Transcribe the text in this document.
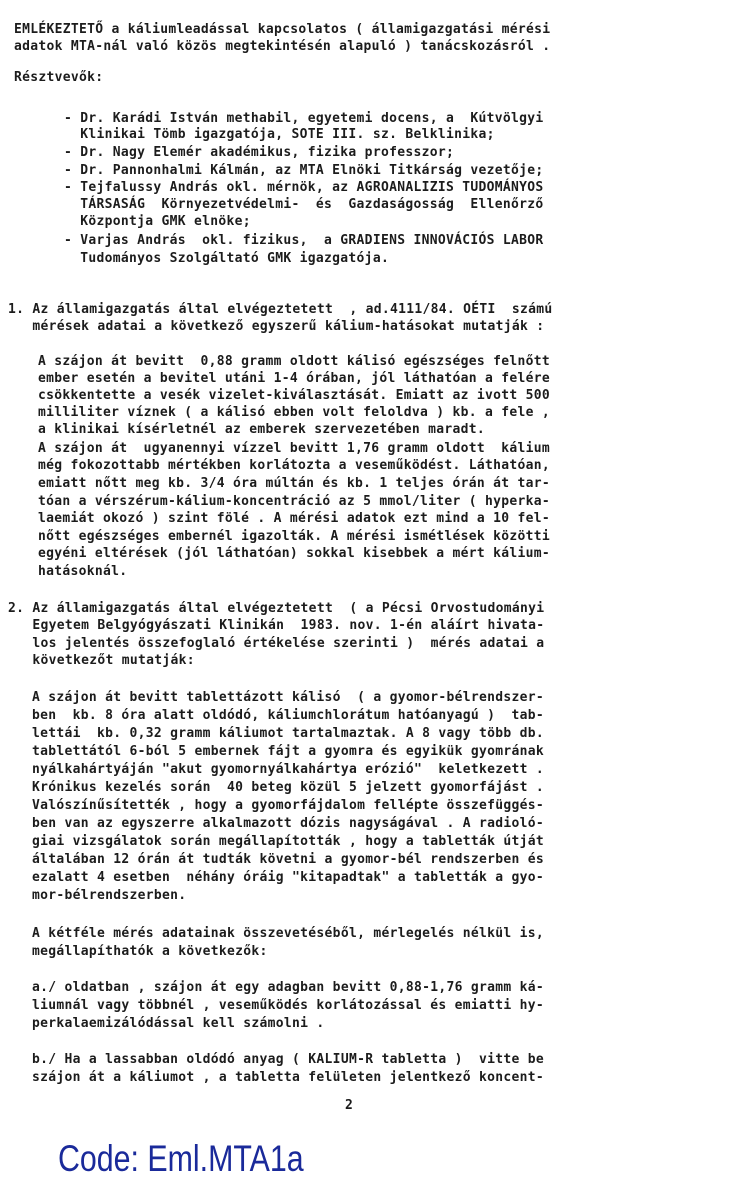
EMLÉKEZTETŐ a káliumleadással kapcsolatos ( államigazgatási mérési
adatok MTA-nál való közös megtekintésén alapuló ) tanácskozásról .
Résztvevők:
- Dr. Karádi István methabil, egyetemi docens, a  Kútvölgyi
Klinikai Tömb igazgatója, SOTE III. sz. Belklinika;
- Dr. Nagy Elemér akadémikus, fizika professzor;
- Dr. Pannonhalmi Kálmán, az MTA Elnöki Titkárság vezetője;
- Tejfalussy András okl. mérnök, az AGROANALIZIS TUDOMÁNYOS
TÁRSASÁG  Környezetvédelmi-  és  Gazdaságosság  Ellenőrző
Központja GMK elnöke;
- Varjas András  okl. fizikus,  a GRADIENS INNOVÁCIÓS LABOR
Tudományos Szolgáltató GMK igazgatója.
1. Az államigazgatás által elvégeztetett  , ad.4111/84. OÉTI  számú
mérések adatai a következő egyszerű kálium-hatásokat mutatják :
A szájon át bevitt  0,88 gramm oldott kálisó egészséges felnőtt
ember esetén a bevitel utáni 1-4 órában, jól láthatóan a felére
csökkentette a vesék vizelet-kiválasztását. Emiatt az ivott 500
milliliter víznek ( a kálisó ebben volt feloldva ) kb. a fele ,
a klinikai kísérletnél az emberek szervezetében maradt.
A szájon át  ugyanennyi vízzel bevitt 1,76 gramm oldott  kálium
még fokozottabb mértékben korlátozta a veseműködést. Láthatóan,
emiatt nőtt meg kb. 3/4 óra múltán és kb. 1 teljes órán át tar-
tóan a vérszérum-kálium-koncentráció az 5 mmol/liter ( hyperka-
laemiát okozó ) szint fölé . A mérési adatok ezt mind a 10 fel-
nőtt egészséges embernél igazolták. A mérési ismétlések közötti
egyéni eltérések (jól láthatóan) sokkal kisebbek a mért kálium-
hatásoknál.
2. Az államigazgatás által elvégeztetett  ( a Pécsi Orvostudományi
Egyetem Belgyógyászati Klinikán  1983. nov. 1-én aláírt hivata-
los jelentés összefoglaló értékelése szerinti )  mérés adatai a
következőt mutatják:
A szájon át bevitt tablettázott kálisó  ( a gyomor-bélrendszer-
ben  kb. 8 óra alatt oldódó, káliumchlorátum hatóanyagú )  tab-
lettái  kb. 0,32 gramm káliumot tartalmaztak. A 8 vagy több db.
tablettától 6-ból 5 embernek fájt a gyomra és egyikük gyomrának
nyálkahártyáján "akut gyomornyálkahártya erózió"  keletkezett .
Krónikus kezelés során  40 beteg közül 5 jelzett gyomorfájást .
Valószínűsítették , hogy a gyomorfájdalom fellépte összefüggés-
ben van az egyszerre alkalmazott dózis nagyságával . A radioló-
giai vizsgálatok során megállapították , hogy a tabletták útját
általában 12 órán át tudták követni a gyomor-bél rendszerben és
ezalatt 4 esetben  néhány óráig "kitapadtak" a tabletták a gyo-
mor-bélrendszerben.
A kétféle mérés adatainak összevetéséből, mérlegelés nélkül is,
megállapíthatók a következők:
a./ oldatban , szájon át egy adagban bevitt 0,88-1,76 gramm ká-
liumnál vagy többnél , veseműködés korlátozással és emiatti hy-
perkalaemizálódással kell számolni .
b./ Ha a lassabban oldódó anyag ( KALIUM-R tabletta )  vitte be
szájon át a káliumot , a tabletta felületen jelentkező koncent-
2
Code: Eml.MTA1a
